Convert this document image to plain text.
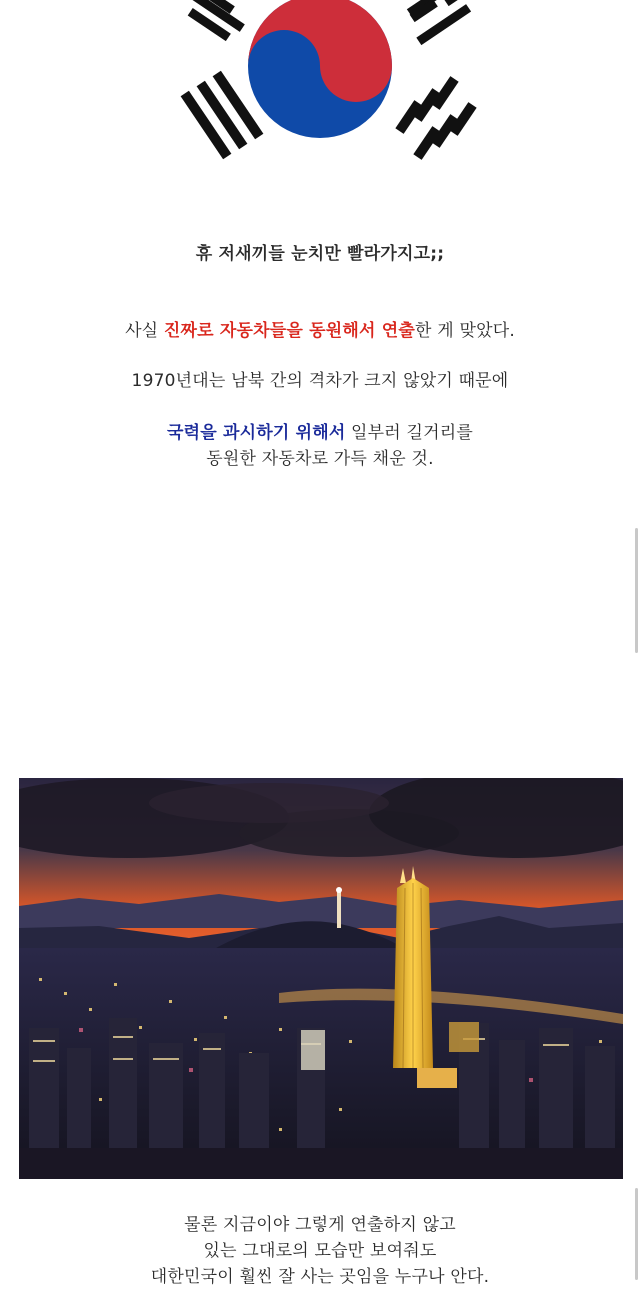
휴 저새끼들 눈치만 빨라가지고;;
사실 진짜로 자동차들을 동원해서 연출한 게 맞았다.
1970년대는 남북 간의 격차가 크지 않았기 때문에
국력을 과시하기 위해서 일부러 길거리를
동원한 자동차로 가득 채운 것.
물론 지금이야 그렇게 연출하지 않고
있는 그대로의 모습만 보여줘도
대한민국이 훨씬 잘 사는 곳임을 누구나 안다.
